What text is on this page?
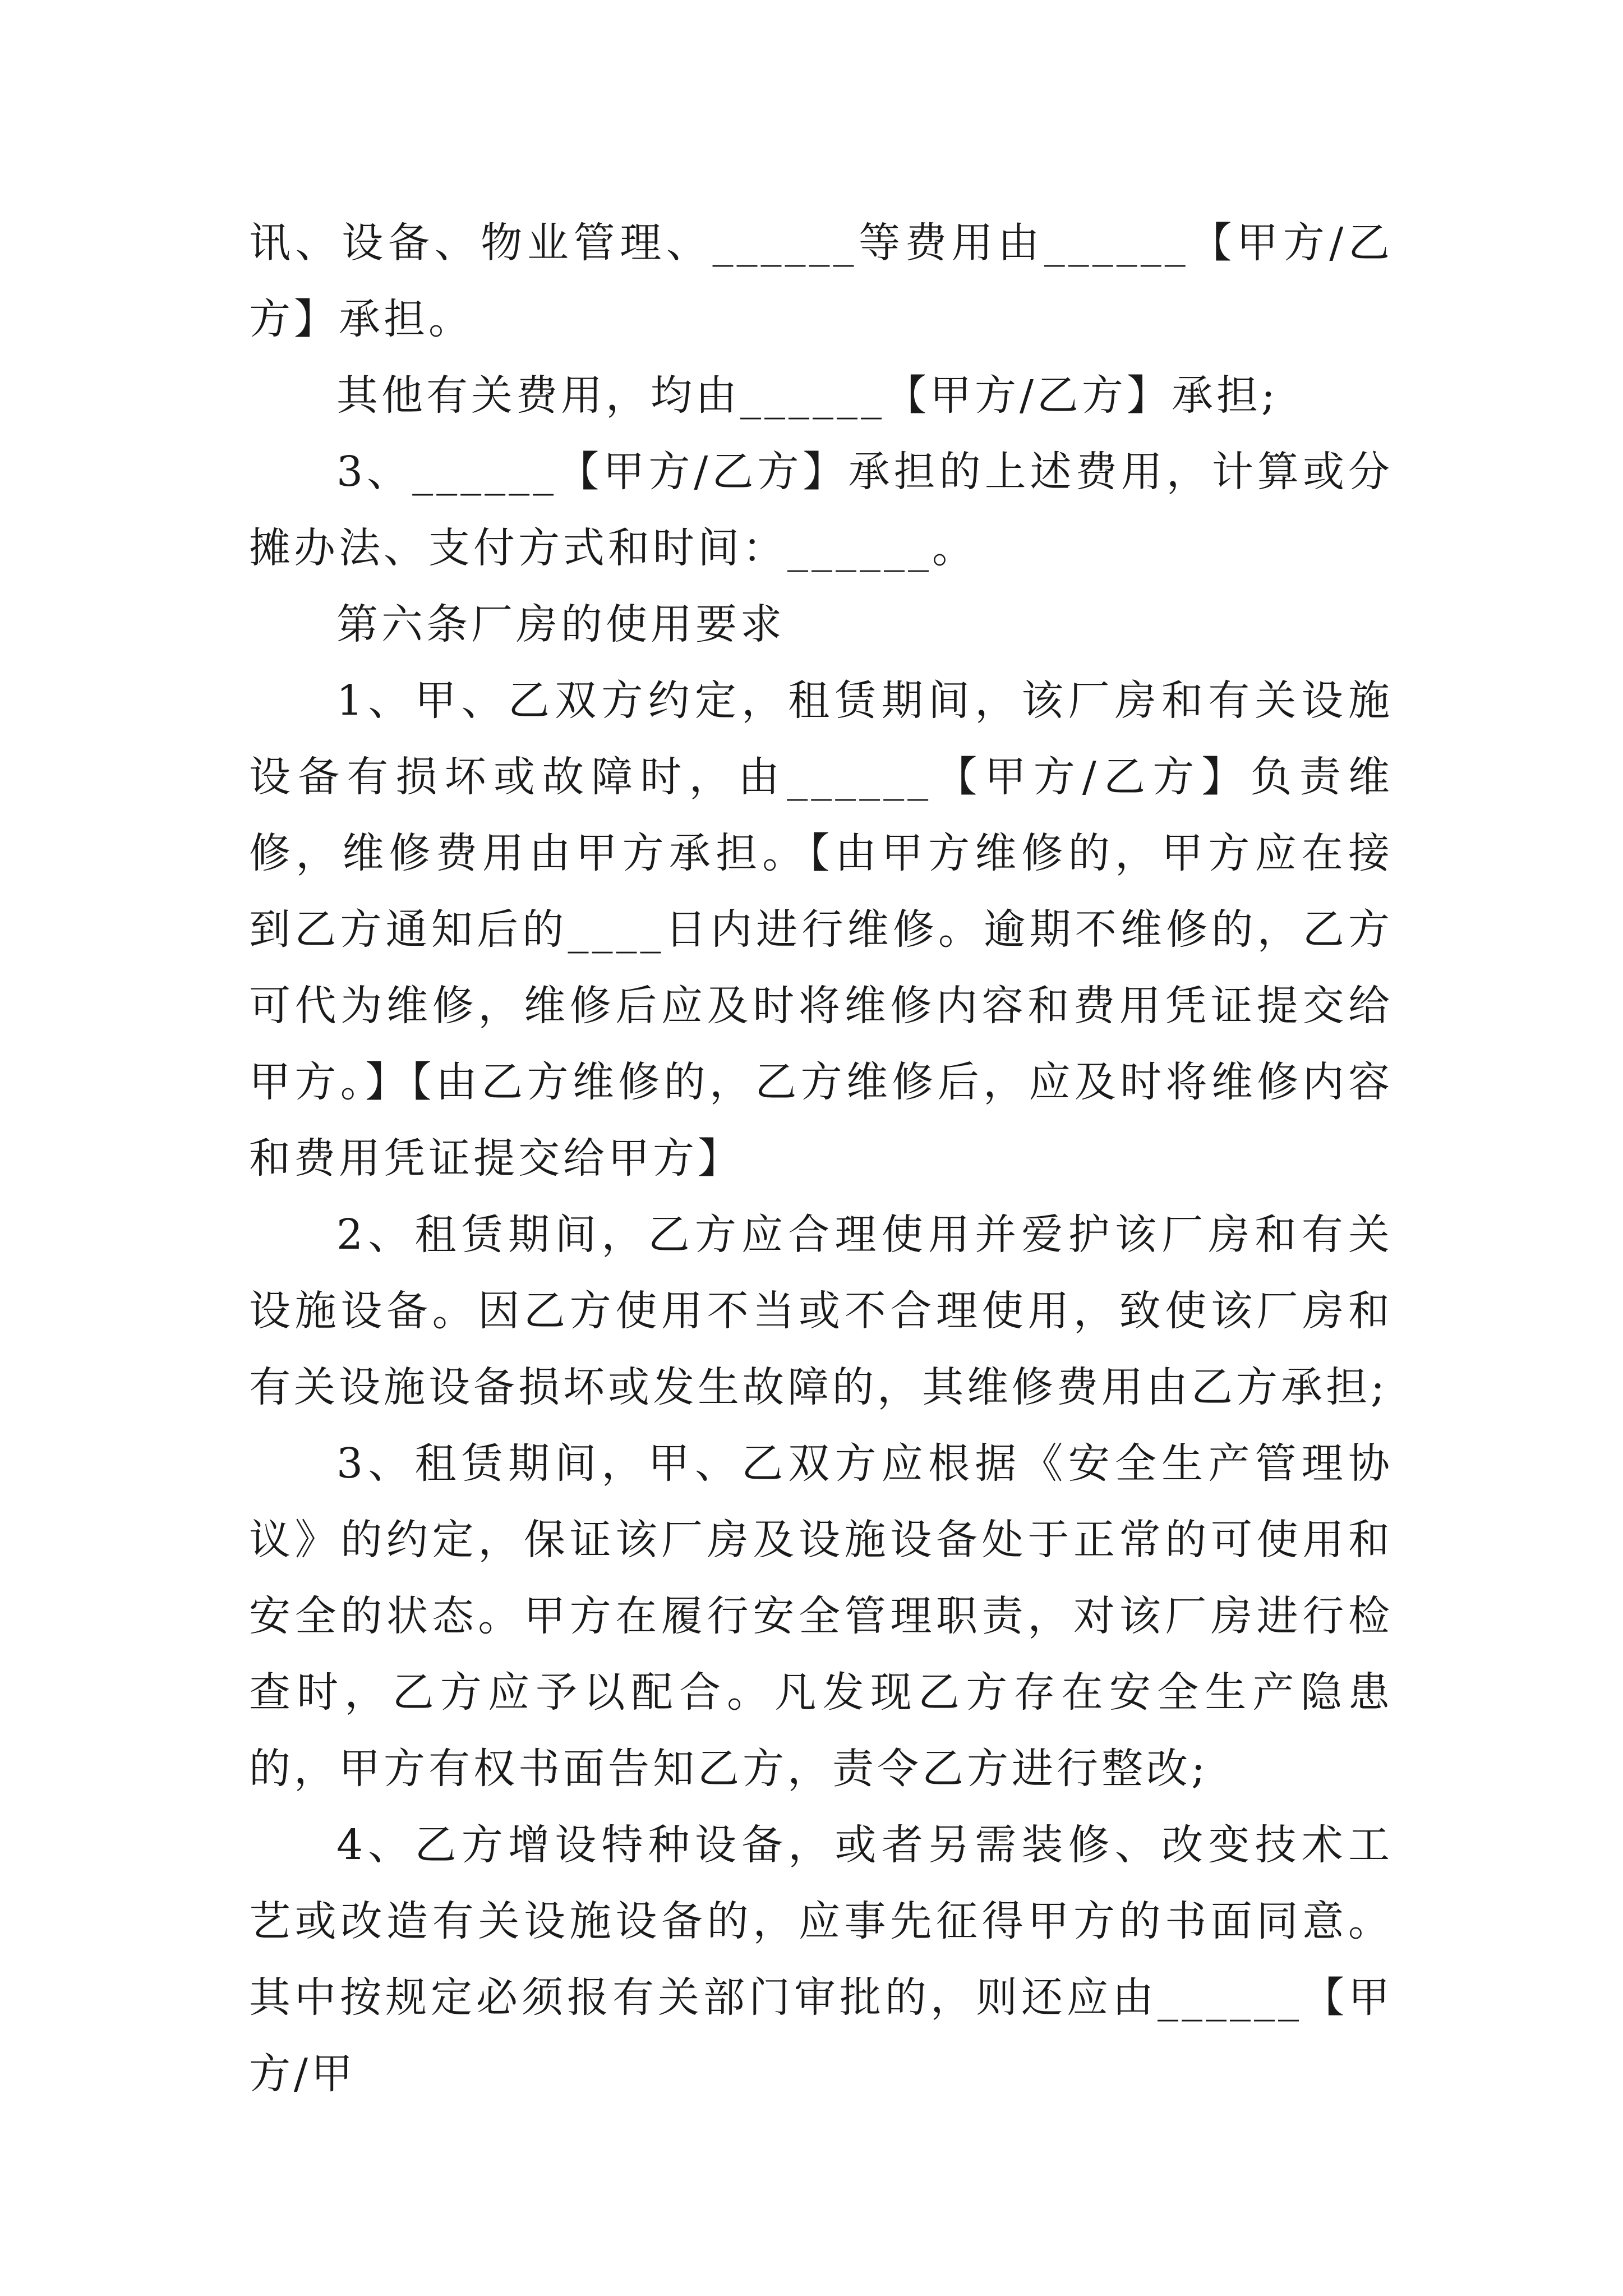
讯、设备、物业管理、______等费用由______【甲方/乙方】承担。

其他有关费用，均由______【甲方/乙方】承担;

3、______【甲方/乙方】承担的上述费用，计算或分摊办法、支付方式和时间：______。

第六条厂房的使用要求

1、甲、乙双方约定，租赁期间，该厂房和有关设施设备有损坏或故障时，由______【甲方/乙方】负责维修，维修费用由甲方承担。【由甲方维修的，甲方应在接到乙方通知后的____日内进行维修。逾期不维修的，乙方可代为维修，维修后应及时将维修内容和费用凭证提交给甲方。】【由乙方维修的，乙方维修后，应及时将维修内容和费用凭证提交给甲方】

2、租赁期间，乙方应合理使用并爱护该厂房和有关设施设备。因乙方使用不当或不合理使用，致使该厂房和有关设施设备损坏或发生故障的，其维修费用由乙方承担;

3、租赁期间，甲、乙双方应根据《安全生产管理协议》的约定，保证该厂房及设施设备处于正常的可使用和安全的状态。甲方在履行安全管理职责，对该厂房进行检查时，乙方应予以配合。凡发现乙方存在安全生产隐患的，甲方有权书面告知乙方，责令乙方进行整改;

4、乙方增设特种设备，或者另需装修、改变技术工艺或改造有关设施设备的，应事先征得甲方的书面同意。其中按规定必须报有关部门审批的，则还应由______【甲方/甲
